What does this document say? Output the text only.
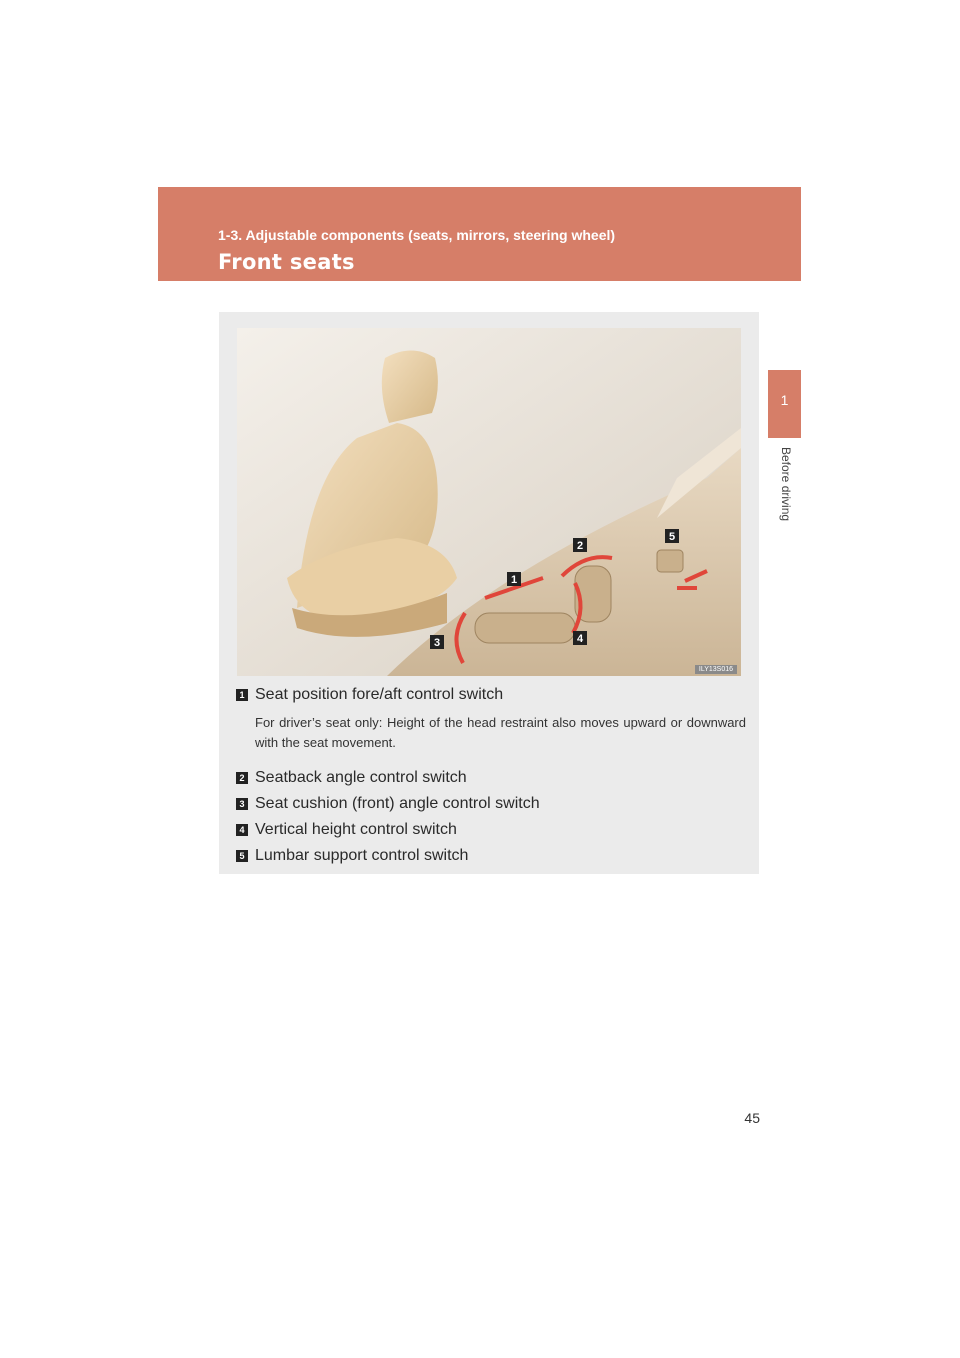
1-3. Adjustable components (seats, mirrors, steering wheel)
Front seats
1
Before driving
1
2
3	4
5
ILY13S016
1 Seat position fore/aft control switch
For driver’s seat only: Height of the head restraint also moves upward or downward with the seat movement.
2 Seatback angle control switch
3 Seat cushion (front) angle control switch
4 Vertical height control switch
5 Lumbar support control switch
45
